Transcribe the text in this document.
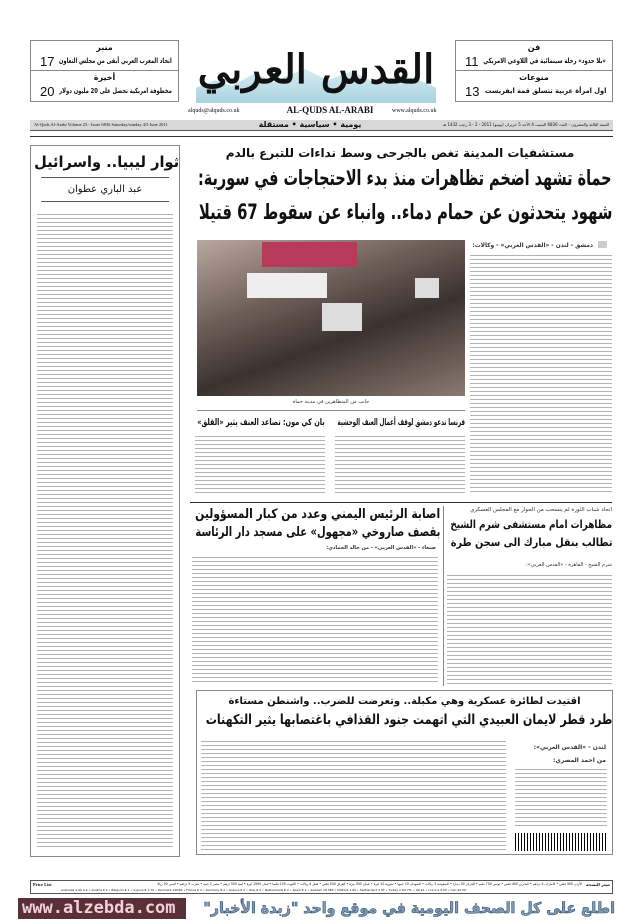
منبر
اتحاد المغرب العربي أبقى من مجلس التعاون
17
أخيرة
مخطوفة امريكية تحصل على 20 مليون دولار
20
فن
11 «بلا حدود» رحلة سينمائية في اللاوعي الامريكي
منوعات
13 اول امرأة عربية تتسلق قمة ايفريست
القدس العربي
alquds@alquds.co.uk	AL-QUDS AL-ARABI	www.alquds.co.uk
Al-Quds Al-Arabi Volume 23 - Issue 6836 Saturday/sunday 4/5 June 2011	يومية • سياسية • مستقلة	السنة الثالثة والعشرون - العدد 6836 السبت 4 الأحد 5 حزيران (يونيو) 2011 - 2 - 3 رجب 1432 هـ
ثوار ليبيا.. واسرائيل
عبد الباري عطوان
مستشفيات المدينة تغص بالجرحى وسط نداءات للتبرع بالدم
حماة تشهد اضخم تظاهرات منذ بدء الاحتجاجات في سورية:
شهود يتحدثون عن حمام دماء.. وانباء عن سقوط 67 قتيلا
جانب من المتظاهرين في مدينة حماة
دمشق - لندن - «القدس العربي» - وكالات:
فرنسا تدعو دمشق لوقف أعمال العنف الوحشية
بان كي مون: تصاعد العنف يثير «القلق»
اصابة الرئيس اليمني وعدد من كبار المسؤولين
بقصف صاروخي «مجهول» على مسجد دار الرئاسة
صنعاء - «القدس العربي» - من خالد الحمادي:
اتحاد شباب الثورة لم ينسحب من الحوار مع المجلس العسكري
مظاهرات امام مستشفى شرم الشيخ
تطالب بنقل مبارك الى سجن طرة
شرم الشيخ - القاهرة - «القدس العربي»:
اقتيدت لطائرة عسكرية وهي مكبلة.. وتعرضت للضرب.. واشنطن مستاءة
طرد قطر لايمان العبيدي التي اتهمت جنود القذافي باغتصابها يثير التكهنات
لندن - «القدس العربي»:
من احمد المصري:
Price List	الأردن 400 فلس • الامارات 4 دراهم • البحرين 400 فلس • تونس 700 مليم • الجزائر 30 دينارا • السعودية 3 ريالات • السودان 15 جنيها • سورية 12 ليرة • عمان 300 بيزة • العراق 500 فلس • قطر 4 ريالات • الكويت 150 فلسا • لبنان 1500 ليرة • ليبيا 500 درهم • مصر 1 جنيه • مغرب 5 دراهم • اليمن 50 ريالا
Australia 1.90 A.$ • Austria € 2 • Belgium € 2 • Cyprus € 1.70 • Denmark 12DKK • France € 2 • Germany € 2 • Greece € 2 • Italy € 2 • Netherlands € 2 • Spain € 2 • Sweden 18 SEK • Malta € 1.60 • Switzerland 3 SF • Turkey 1.60 YTL • UK £1 • U.S.A $ 2.50 • Can $2.50
سعر النسخة
www.alzebda.com	اطلع على كل الصحف اليومية في موقع واحد "زبدة الأخبار"
